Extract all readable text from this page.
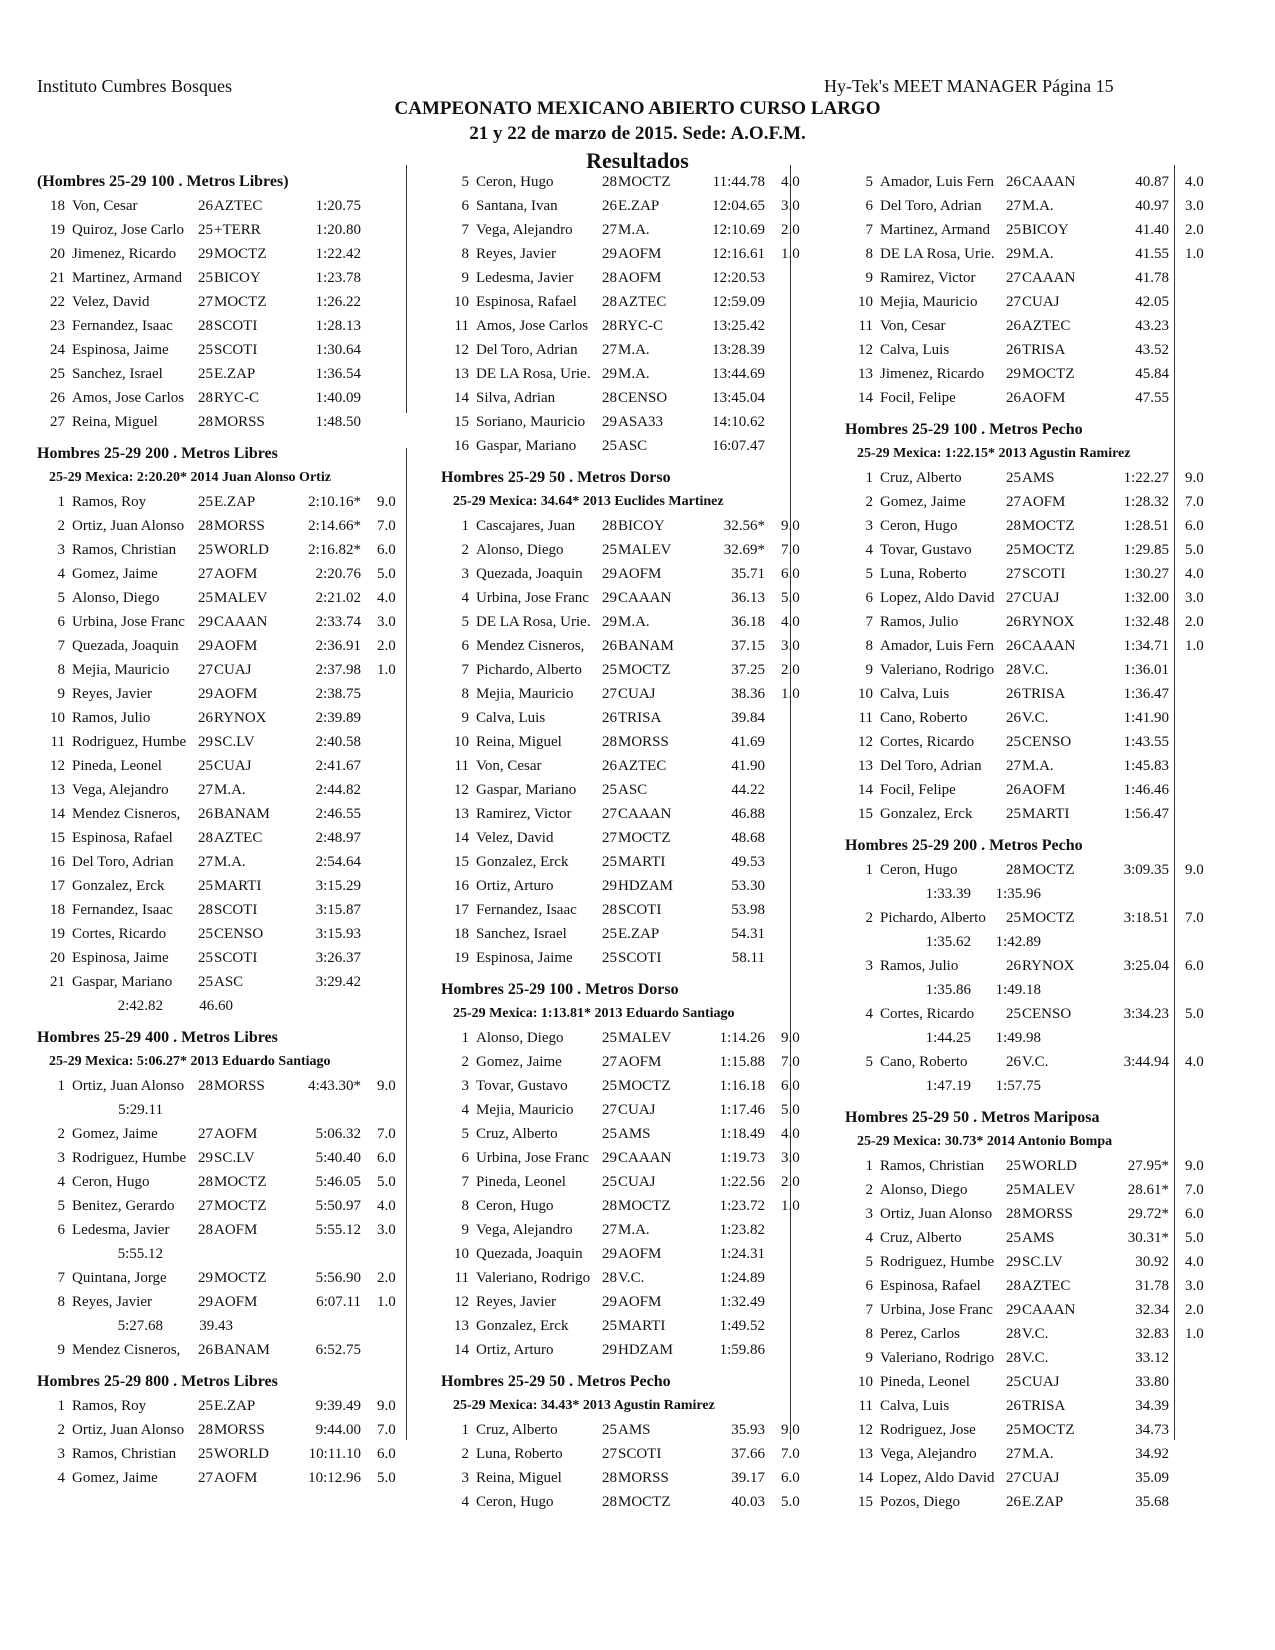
Instituto Cumbres Bosques	Hy-Tek's MEET MANAGER Página 15
CAMPEONATO MEXICANO ABIERTO CURSO LARGO
21 y 22 de marzo de 2015. Sede: A.O.F.M.
Resultados
(Hombres 25-29 100 . Metros Libres)
18 Von, Cesar	26 AZTEC	1:20.75
19 Quiroz, Jose Carlo 25 +TERR	1:20.80
20 Jimenez, Ricardo	29 MOCTZ	1:22.42
21 Martinez, Armand	25 BICOY	1:23.78
22 Velez, David	27 MOCTZ	1:26.22
23 Fernandez, Isaac	28 SCOTI	1:28.13
24 Espinosa, Jaime	25 SCOTI	1:30.64
25 Sanchez, Israel	25 E.ZAP	1:36.54
26 Amos, Jose Carlos 28 RYC-C	1:40.09
27 Reina, Miguel	28 MORSS	1:48.50
Hombres 25-29 200 . Metros Libres
25-29 Mexica: 2:20.20* 2014 Juan Alonso Ortiz
1 Ramos, Roy	25 E.ZAP	2:10.16* 9.0
2 Ortiz, Juan Alonso 28 MORSS	2:14.66* 7.0
3 Ramos, Christian	25 WORLD	2:16.82* 6.0
4 Gomez, Jaime	27 AOFM	2:20.76 5.0
5 Alonso, Diego	25 MALEV	2:21.02 4.0
6 Urbina, Jose Franc 29 CAAAN	2:33.74 3.0
7 Quezada, Joaquin	29 AOFM	2:36.91 2.0
8 Mejia, Mauricio	27 CUAJ	2:37.98 1.0
9 Reyes, Javier	29 AOFM	2:38.75
10 Ramos, Julio	26 RYNOX	2:39.89
11 Rodriguez, Humbe 29 SC.LV	2:40.58
12 Pineda, Leonel	25 CUAJ	2:41.67
13 Vega, Alejandro	27 M.A.	2:44.82
14 Mendez Cisneros,	26 BANAM	2:46.55
15 Espinosa, Rafael	28 AZTEC	2:48.97
16 Del Toro, Adrian	27 M.A.	2:54.64
17 Gonzalez, Erck	25 MARTI	3:15.29
18 Fernandez, Isaac	28 SCOTI	3:15.87
19 Cortes, Ricardo	25 CENSO	3:15.93
20 Espinosa, Jaime	25 SCOTI	3:26.37
21 Gaspar, Mariano	25 ASC	3:29.42
2:42.82	46.60
Hombres 25-29 400 . Metros Libres
25-29 Mexica: 5:06.27* 2013 Eduardo Santiago
1 Ortiz, Juan Alonso 28 MORSS	4:43.30* 9.0
5:29.11
2 Gomez, Jaime	27 AOFM	5:06.32 7.0
3 Rodriguez, Humbe 29 SC.LV	5:40.40 6.0
4 Ceron, Hugo	28 MOCTZ	5:46.05 5.0
5 Benitez, Gerardo	27 MOCTZ	5:50.97 4.0
6 Ledesma, Javier	28 AOFM	5:55.12 3.0
5:55.12
7 Quintana, Jorge	29 MOCTZ	5:56.90 2.0
8 Reyes, Javier	29 AOFM	6:07.11 1.0
5:27.68	39.43
9 Mendez Cisneros,	26 BANAM	6:52.75
Hombres 25-29 800 . Metros Libres
1 Ramos, Roy	25 E.ZAP	9:39.49 9.0
2 Ortiz, Juan Alonso 28 MORSS	9:44.00 7.0
3 Ramos, Christian	25 WORLD	10:11.10 6.0
4 Gomez, Jaime	27 AOFM	10:12.96 5.0
5 Ceron, Hugo	28 MOCTZ	11:44.78 4.0
6 Santana, Ivan	26 E.ZAP	12:04.65 3.0
7 Vega, Alejandro	27 M.A.	12:10.69 2.0
8 Reyes, Javier	29 AOFM	12:16.61 1.0
9 Ledesma, Javier	28 AOFM	12:20.53
10 Espinosa, Rafael	28 AZTEC	12:59.09
11 Amos, Jose Carlos 28 RYC-C	13:25.42
12 Del Toro, Adrian	27 M.A.	13:28.39
13 DE LA Rosa, Urie. 29 M.A.	13:44.69
14 Silva, Adrian	28 CENSO	13:45.04
15 Soriano, Mauricio	29 ASA33	14:10.62
16 Gaspar, Mariano	25 ASC	16:07.47
Hombres 25-29 50 . Metros Dorso
25-29 Mexica: 34.64* 2013 Euclides Martinez
1 Cascajares, Juan	28 BICOY	32.56* 9.0
2 Alonso, Diego	25 MALEV	32.69* 7.0
3 Quezada, Joaquin	29 AOFM	35.71 6.0
4 Urbina, Jose Franc 29 CAAAN	36.13 5.0
5 DE LA Rosa, Urie. 29 M.A.	36.18 4.0
6 Mendez Cisneros,	26 BANAM	37.15 3.0
7 Pichardo, Alberto	25 MOCTZ	37.25 2.0
8 Mejia, Mauricio	27 CUAJ	38.36 1.0
9 Calva, Luis	26 TRISA	39.84
10 Reina, Miguel	28 MORSS	41.69
11 Von, Cesar	26 AZTEC	41.90
12 Gaspar, Mariano	25 ASC	44.22
13 Ramirez, Victor	27 CAAAN	46.88
14 Velez, David	27 MOCTZ	48.68
15 Gonzalez, Erck	25 MARTI	49.53
16 Ortiz, Arturo	29 HDZAM	53.30
17 Fernandez, Isaac	28 SCOTI	53.98
18 Sanchez, Israel	25 E.ZAP	54.31
19 Espinosa, Jaime	25 SCOTI	58.11
Hombres 25-29 100 . Metros Dorso
25-29 Mexica: 1:13.81* 2013 Eduardo Santiago
1 Alonso, Diego	25 MALEV	1:14.26 9.0
2 Gomez, Jaime	27 AOFM	1:15.88 7.0
3 Tovar, Gustavo	25 MOCTZ	1:16.18 6.0
4 Mejia, Mauricio	27 CUAJ	1:17.46 5.0
5 Cruz, Alberto	25 AMS	1:18.49 4.0
6 Urbina, Jose Franc 29 CAAAN	1:19.73 3.0
7 Pineda, Leonel	25 CUAJ	1:22.56 2.0
8 Ceron, Hugo	28 MOCTZ	1:23.72 1.0
9 Vega, Alejandro	27 M.A.	1:23.82
10 Quezada, Joaquin	29 AOFM	1:24.31
11 Valeriano, Rodrigo 28 V.C.	1:24.89
12 Reyes, Javier	29 AOFM	1:32.49
13 Gonzalez, Erck	25 MARTI	1:49.52
14 Ortiz, Arturo	29 HDZAM	1:59.86
Hombres 25-29 50 . Metros Pecho
25-29 Mexica: 34.43* 2013 Agustin Ramirez
1 Cruz, Alberto	25 AMS	35.93 9.0
2 Luna, Roberto	27 SCOTI	37.66 7.0
3 Reina, Miguel	28 MORSS	39.17 6.0
4 Ceron, Hugo	28 MOCTZ	40.03 5.0
5 Amador, Luis Fern 26 CAAAN	40.87 4.0
6 Del Toro, Adrian	27 M.A.	40.97 3.0
7 Martinez, Armand	25 BICOY	41.40 2.0
8 DE LA Rosa, Urie. 29 M.A.	41.55 1.0
9 Ramirez, Victor	27 CAAAN	41.78
10 Mejia, Mauricio	27 CUAJ	42.05
11 Von, Cesar	26 AZTEC	43.23
12 Calva, Luis	26 TRISA	43.52
13 Jimenez, Ricardo	29 MOCTZ	45.84
14 Focil, Felipe	26 AOFM	47.55
Hombres 25-29 100 . Metros Pecho
25-29 Mexica: 1:22.15* 2013 Agustin Ramirez
1 Cruz, Alberto	25 AMS	1:22.27 9.0
2 Gomez, Jaime	27 AOFM	1:28.32 7.0
3 Ceron, Hugo	28 MOCTZ	1:28.51 6.0
4 Tovar, Gustavo	25 MOCTZ	1:29.85 5.0
5 Luna, Roberto	27 SCOTI	1:30.27 4.0
6 Lopez, Aldo David 27 CUAJ	1:32.00 3.0
7 Ramos, Julio	26 RYNOX	1:32.48 2.0
8 Amador, Luis Fern 26 CAAAN	1:34.71 1.0
9 Valeriano, Rodrigo 28 V.C.	1:36.01
10 Calva, Luis	26 TRISA	1:36.47
11 Cano, Roberto	26 V.C.	1:41.90
12 Cortes, Ricardo	25 CENSO	1:43.55
13 Del Toro, Adrian	27 M.A.	1:45.83
14 Focil, Felipe	26 AOFM	1:46.46
15 Gonzalez, Erck	25 MARTI	1:56.47
Hombres 25-29 200 . Metros Pecho
1 Ceron, Hugo	28 MOCTZ	3:09.35 9.0
1:33.39	1:35.96
2 Pichardo, Alberto	25 MOCTZ	3:18.51 7.0
1:35.62	1:42.89
3 Ramos, Julio	26 RYNOX	3:25.04 6.0
1:35.86	1:49.18
4 Cortes, Ricardo	25 CENSO	3:34.23 5.0
1:44.25	1:49.98
5 Cano, Roberto	26 V.C.	3:44.94 4.0
1:47.19	1:57.75
Hombres 25-29 50 . Metros Mariposa
25-29 Mexica: 30.73* 2014 Antonio Bompa
1 Ramos, Christian	25 WORLD	27.95* 9.0
2 Alonso, Diego	25 MALEV	28.61* 7.0
3 Ortiz, Juan Alonso 28 MORSS	29.72* 6.0
4 Cruz, Alberto	25 AMS	30.31* 5.0
5 Rodriguez, Humbe 29 SC.LV	30.92 4.0
6 Espinosa, Rafael	28 AZTEC	31.78 3.0
7 Urbina, Jose Franc 29 CAAAN	32.34 2.0
8 Perez, Carlos	28 V.C.	32.83 1.0
9 Valeriano, Rodrigo 28 V.C.	33.12
10 Pineda, Leonel	25 CUAJ	33.80
11 Calva, Luis	26 TRISA	34.39
12 Rodriguez, Jose	25 MOCTZ	34.73
13 Vega, Alejandro	27 M.A.	34.92
14 Lopez, Aldo David 27 CUAJ	35.09
15 Pozos, Diego	26 E.ZAP	35.68
